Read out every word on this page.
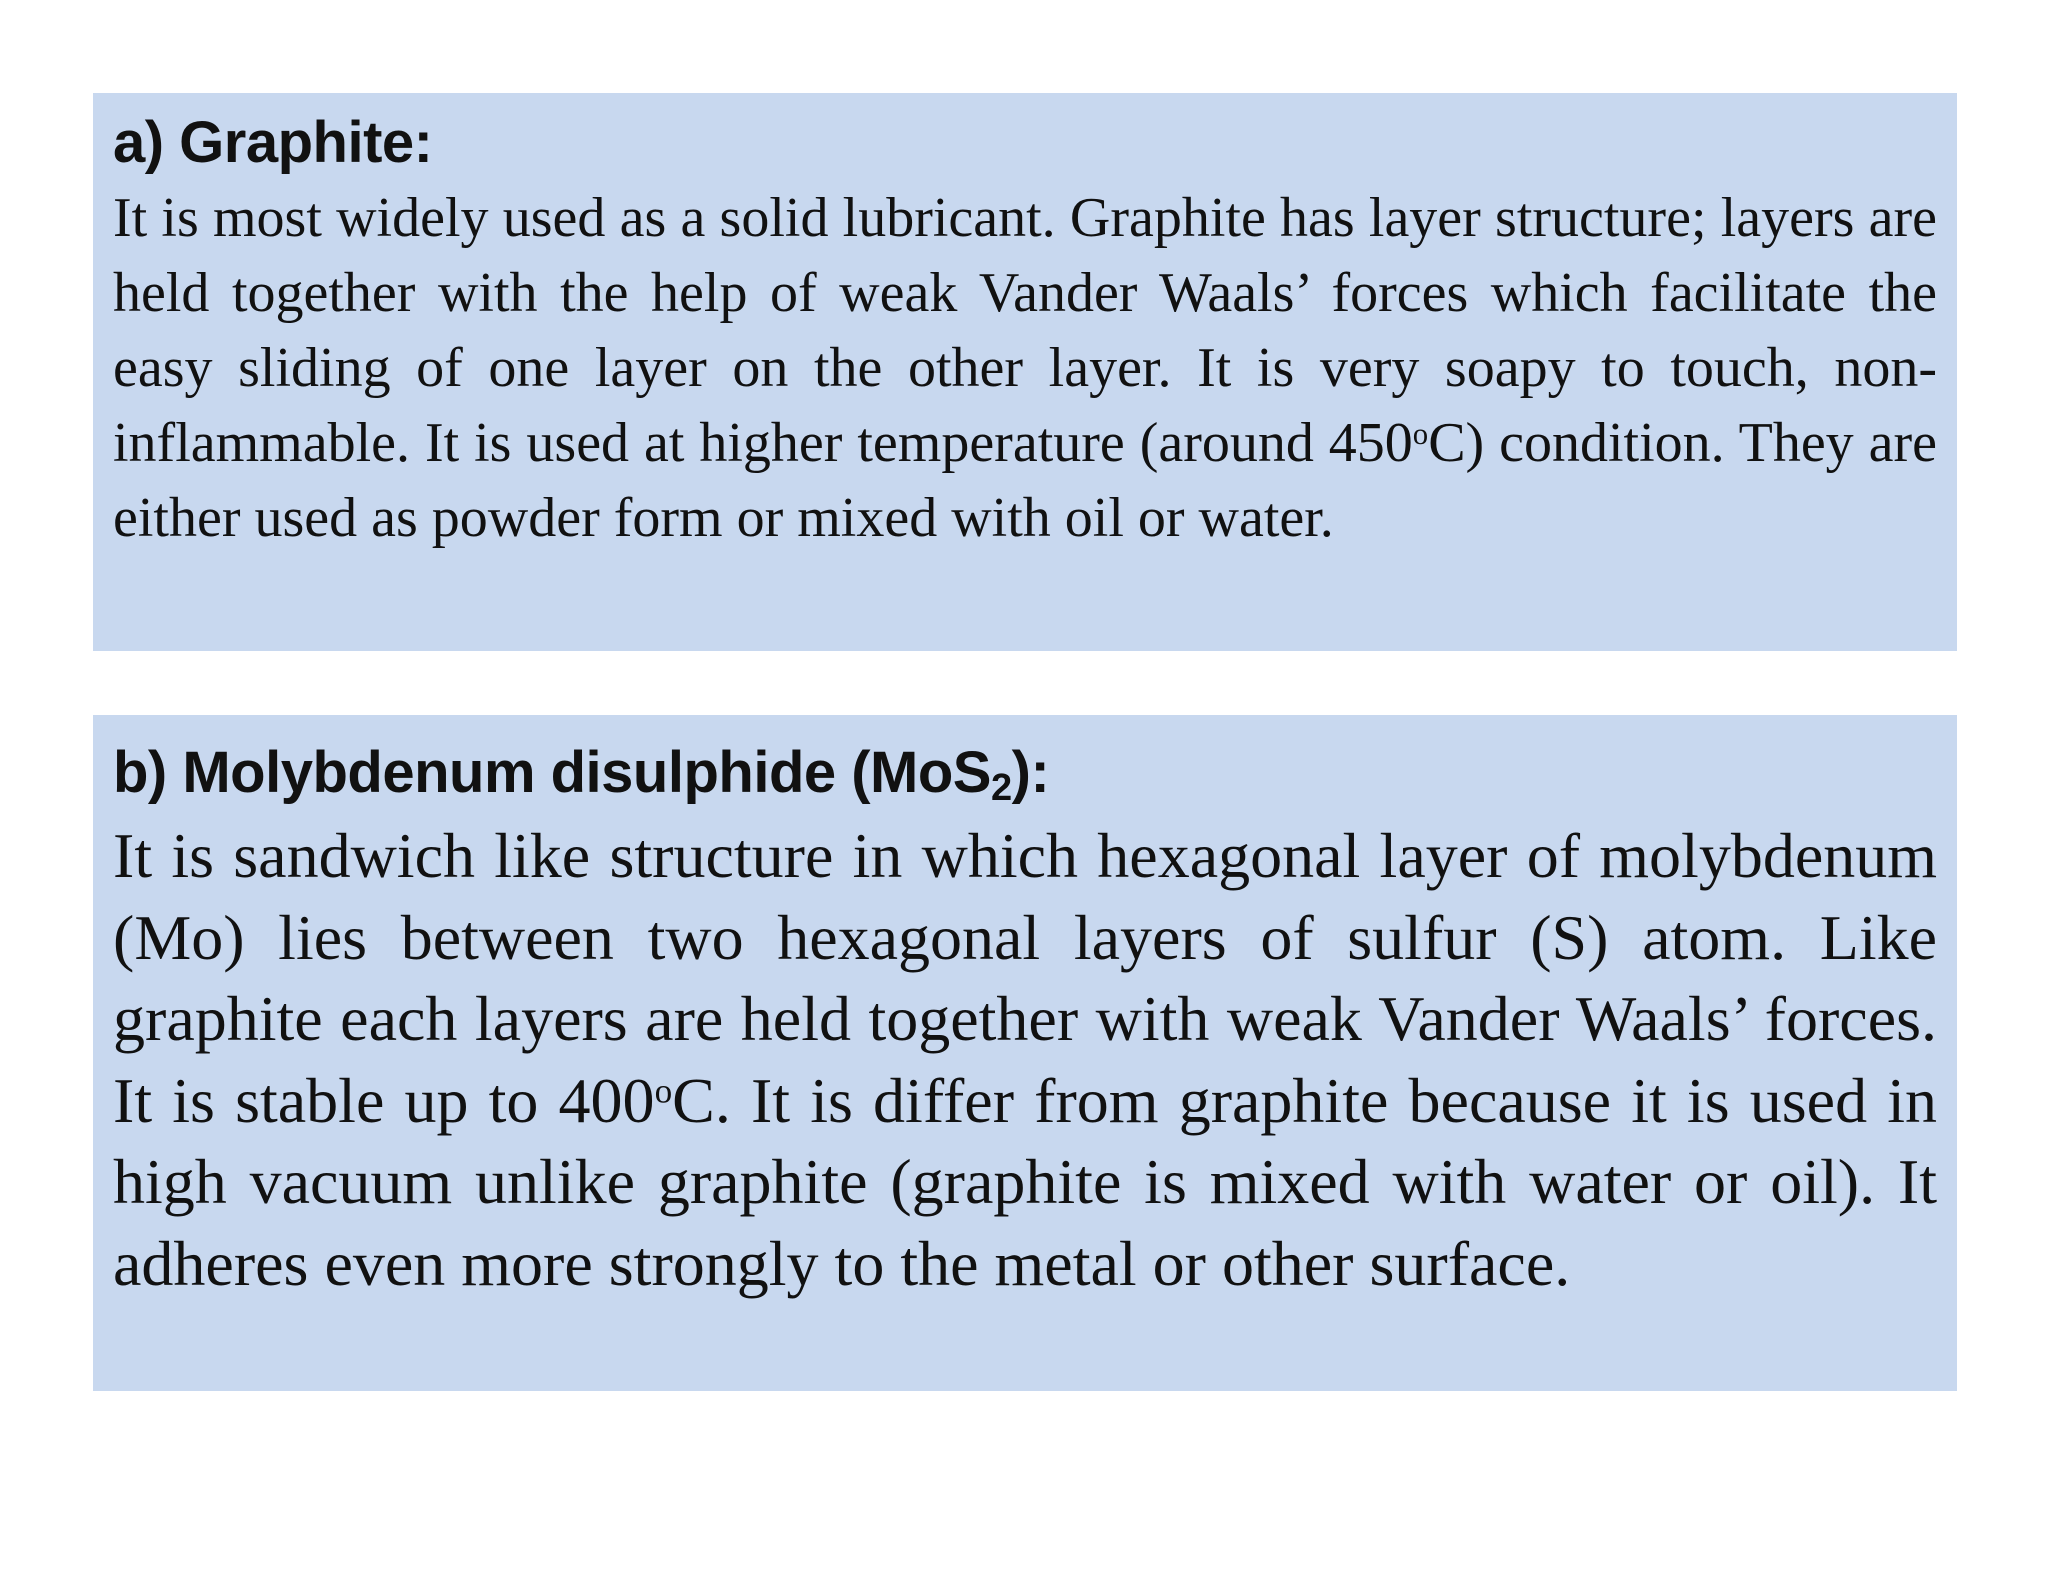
a) Graphite:

It is most widely used as a solid lubricant. Graphite has layer structure; layers are held together with the help of weak Vander Waals’ forces which facilitate the easy sliding of one layer on the other layer. It is very soapy to touch, non-inflammable. It is used at higher temperature (around 450$^o$C) condition. They are either used as powder form or mixed with oil or water.

b) Molybdenum disulphide (MoS$_2$):

It is sandwich like structure in which hexagonal layer of molybdenum (Mo) lies between two hexagonal layers of sulfur (S) atom. Like graphite each layers are held together with weak Vander Waals’ forces. It is stable up to 400$^o$C. It is differ from graphite because it is used in high vacuum unlike graphite (graphite is mixed with water or oil). It adheres even more strongly to the metal or other surface.
